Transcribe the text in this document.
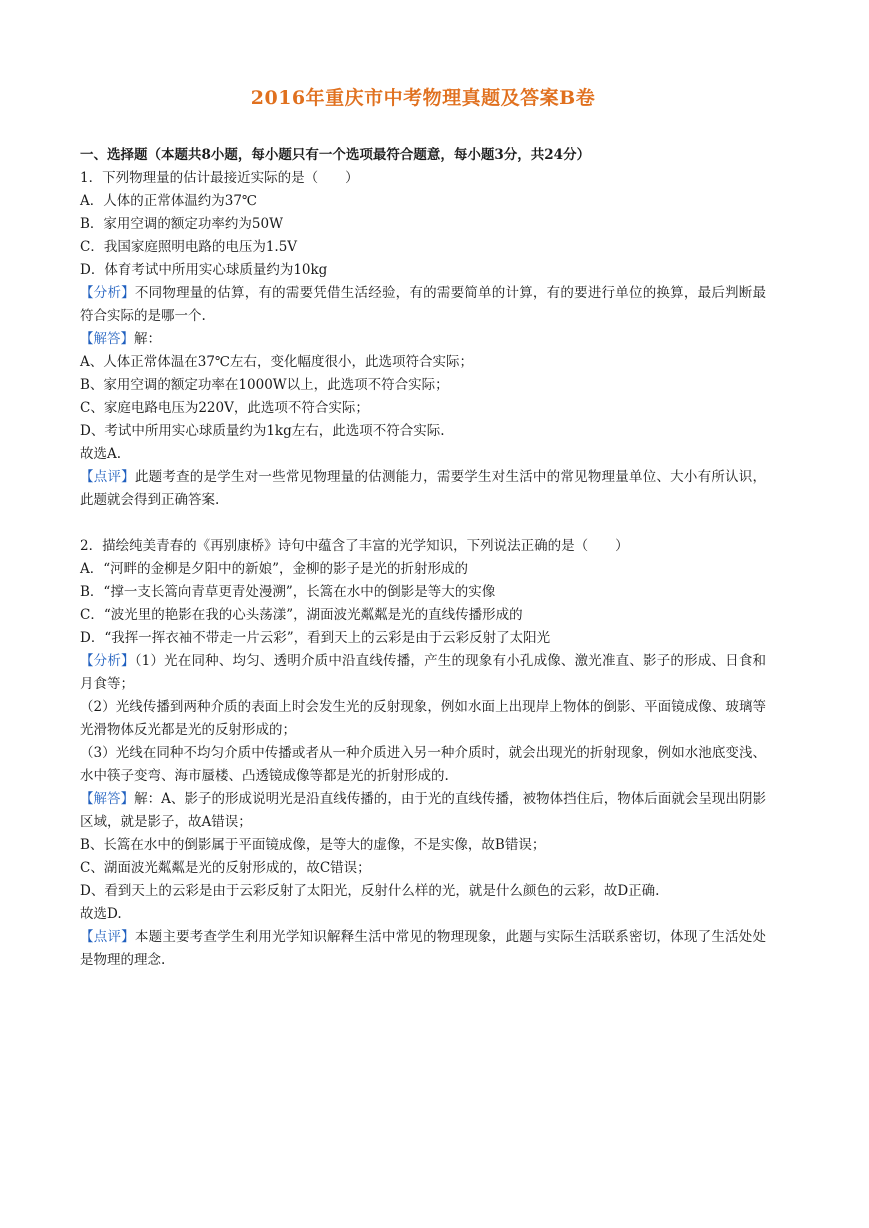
2016年重庆市中考物理真题及答案B卷

一、选择题（本题共8小题，每小题只有一个选项最符合题意，每小题3分，共24分）

1．下列物理量的估计最接近实际的是（　　）

A．人体的正常体温约为37℃

B．家用空调的额定功率约为50W

C．我国家庭照明电路的电压为1.5V

D．体育考试中所用实心球质量约为10kg

【分析】不同物理量的估算，有的需要凭借生活经验，有的需要简单的计算，有的要进行单位的换算，最后判断最符合实际的是哪一个.

【解答】解：

A、人体正常体温在37℃左右，变化幅度很小，此选项符合实际；

B、家用空调的额定功率在1000W以上，此选项不符合实际；

C、家庭电路电压为220V，此选项不符合实际；

D、考试中所用实心球质量约为1kg左右，此选项不符合实际.

故选A.

【点评】此题考查的是学生对一些常见物理量的估测能力，需要学生对生活中的常见物理量单位、大小有所认识，此题就会得到正确答案.

2．描绘纯美青春的《再别康桥》诗句中蕴含了丰富的光学知识，下列说法正确的是（　　）

A．“河畔的金柳是夕阳中的新娘”，金柳的影子是光的折射形成的

B．“撑一支长篙向青草更青处漫溯”，长篙在水中的倒影是等大的实像

C．“波光里的艳影在我的心头荡漾”，湖面波光粼粼是光的直线传播形成的

D．“我挥一挥衣袖不带走一片云彩”，看到天上的云彩是由于云彩反射了太阳光

【分析】（1）光在同种、均匀、透明介质中沿直线传播，产生的现象有小孔成像、激光准直、影子的形成、日食和月食等；

（2）光线传播到两种介质的表面上时会发生光的反射现象，例如水面上出现岸上物体的倒影、平面镜成像、玻璃等光滑物体反光都是光的反射形成的；

（3）光线在同种不均匀介质中传播或者从一种介质进入另一种介质时，就会出现光的折射现象，例如水池底变浅、水中筷子变弯、海市蜃楼、凸透镜成像等都是光的折射形成的.

【解答】解：A、影子的形成说明光是沿直线传播的，由于光的直线传播，被物体挡住后，物体后面就会呈现出阴影区域，就是影子，故A错误；

B、长篙在水中的倒影属于平面镜成像，是等大的虚像，不是实像，故B错误；

C、湖面波光粼粼是光的反射形成的，故C错误；

D、看到天上的云彩是由于云彩反射了太阳光，反射什么样的光，就是什么颜色的云彩，故D正确.

故选D.

【点评】本题主要考查学生利用光学知识解释生活中常见的物理现象，此题与实际生活联系密切，体现了生活处处是物理的理念.
